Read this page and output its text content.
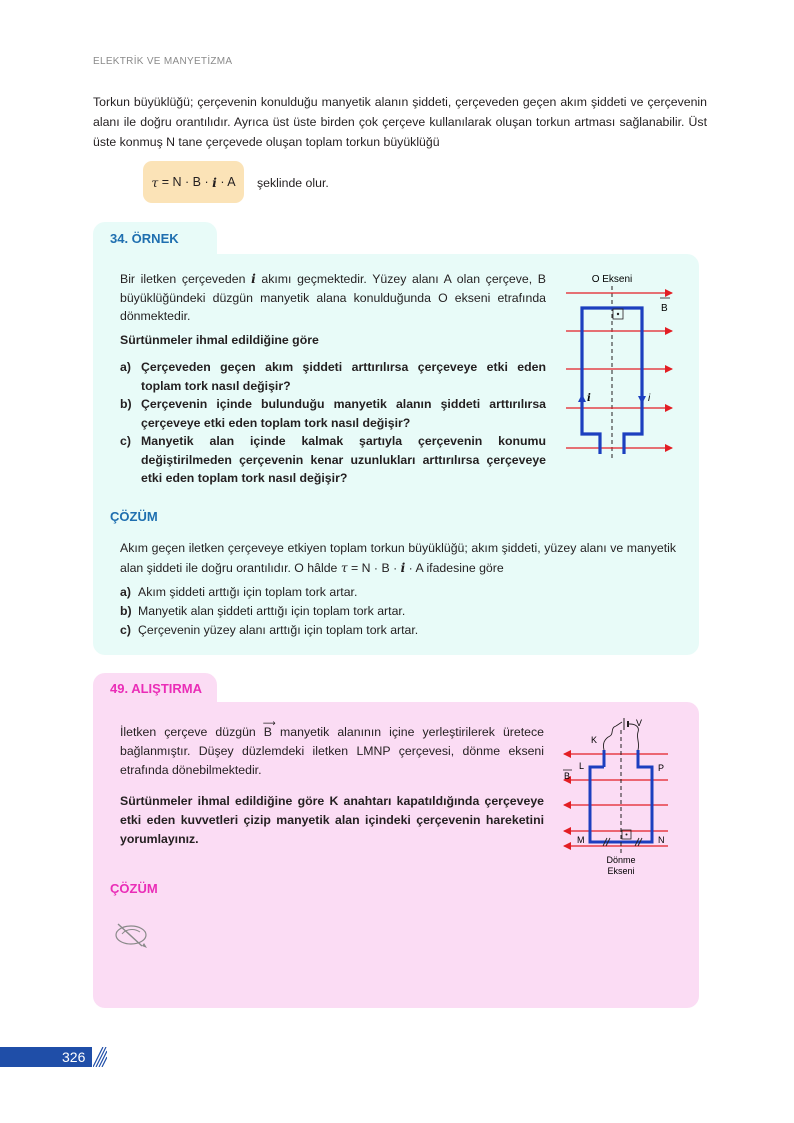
ELEKTRİK VE MANYETİZMA

Torkun büyüklüğü; çerçevenin konulduğu manyetik alanın şiddeti, çerçeveden geçen akım şiddeti ve çerçevenin alanı ile doğru orantılıdır. Ayrıca üst üste birden çok çerçeve kullanılarak oluşan torkun artması sağlanabilir. Üst üste konmuş N tane çerçevede oluşan toplam torkun büyüklüğü

τ = N · B · i · A şeklinde olur.
34. ÖRNEK

Bir iletken çerçeveden i akımı geçmektedir. Yüzey alanı A olan çerçeve, B büyüklüğündeki düzgün manyetik alana konulduğunda O ekseni etrafında dönmektedir.

Sürtünmeler ihmal edildiğine göre
a) Çerçeveden geçen akım şiddeti arttırılırsa çerçeveye etki eden toplam tork nasıl değişir?
b) Çerçevenin içinde bulunduğu manyetik alanın şiddeti arttırılırsa çerçeveye etki eden toplam tork nasıl değişir?
c) Manyetik alan içinde kalmak şartıyla çerçevenin konumu değiştirilmeden çerçevenin kenar uzunlukları arttırılırsa çerçeveye etki eden toplam tork nasıl değişir?
O Ekseni
B
i	i
ÇÖZÜM

Akım geçen iletken çerçeveye etkiyen toplam torkun büyüklüğü; akım şiddeti, yüzey alanı ve manyetik alan şiddeti ile doğru orantılıdır. O hâlde τ = N · B · i · A ifadesine göre

a) Akım şiddeti arttığı için toplam tork artar.
b) Manyetik alan şiddeti arttığı için toplam tork artar.
c) Çerçevenin yüzey alanı arttığı için toplam tork artar.
49. ALIŞTIRMA

İletken çerçeve düzgün B
⟶
manyetik alanının içine yerleştirilerek üretece bağlanmıştır. Düşey düzlemdeki iletken LMNP çerçevesi, dönme ekseni etrafında dönebilmektedir.

Sürtünmeler ihmal edildiğine göre K anahtarı kapatıldığında çerçeveye etki eden kuvvetleri çizip manyetik alan içindeki çerçevenin hareketini yorumlayınız.

B
K
V
L	P
M	N
Dönme
Ekseni
ÇÖZÜM
326
